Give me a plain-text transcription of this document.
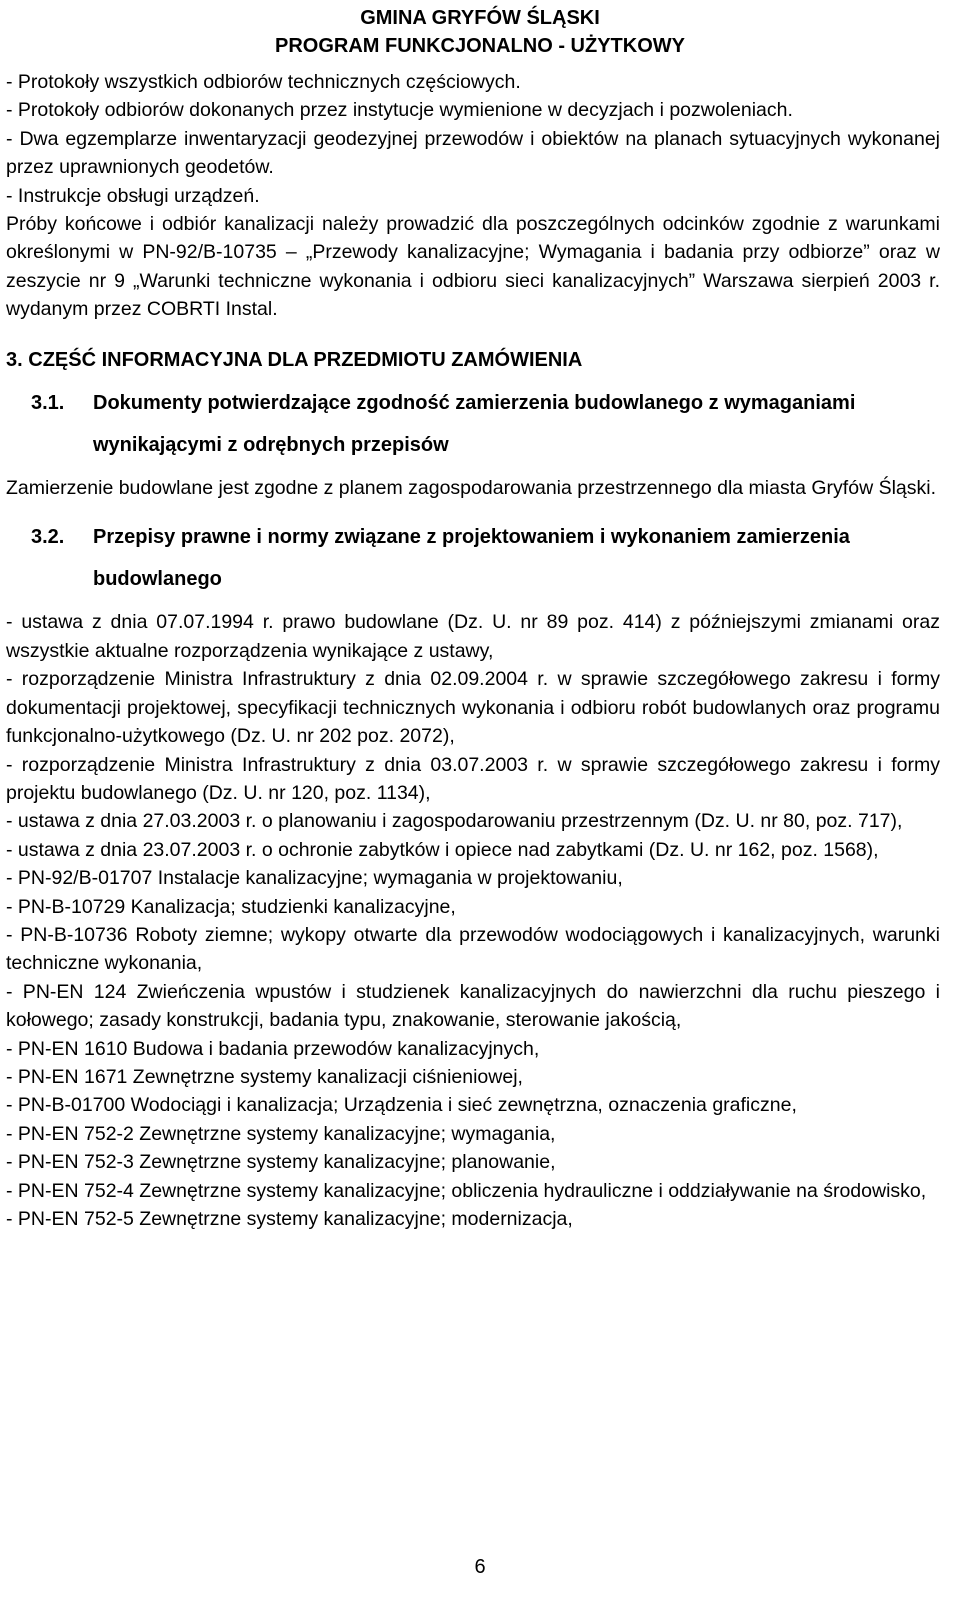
GMINA GRYFÓW ŚLĄSKI
PROGRAM FUNKCJONALNO - UŻYTKOWY

- Protokoły wszystkich odbiorów technicznych częściowych.

- Protokoły odbiorów dokonanych przez instytucje wymienione w decyzjach i pozwoleniach.

- Dwa egzemplarze inwentaryzacji geodezyjnej przewodów i obiektów na planach sytuacyjnych wykonanej przez uprawnionych geodetów.

- Instrukcje obsługi urządzeń.

Próby końcowe i odbiór kanalizacji należy prowadzić dla poszczególnych odcinków zgodnie z warunkami określonymi w PN-92/B-10735 – „Przewody kanalizacyjne; Wymagania i badania przy odbiorze” oraz w zeszycie nr 9 „Warunki techniczne wykonania i odbioru sieci kanalizacyjnych” Warszawa sierpień 2003 r. wydanym przez COBRTI Instal.

3. CZĘŚĆ INFORMACYJNA DLA PRZEDMIOTU ZAMÓWIENIA
3.1. Dokumenty potwierdzające zgodność zamierzenia budowlanego z wymaganiami wynikającymi z odrębnych przepisów

Zamierzenie budowlane jest zgodne z planem zagospodarowania przestrzennego dla miasta Gryfów Śląski.

3.2. Przepisy prawne i normy związane z projektowaniem i wykonaniem zamierzenia budowlanego

- ustawa z dnia 07.07.1994 r. prawo budowlane (Dz. U. nr 89 poz. 414) z późniejszymi zmianami oraz wszystkie aktualne rozporządzenia wynikające z ustawy,

- rozporządzenie Ministra Infrastruktury z dnia 02.09.2004 r. w sprawie szczegółowego zakresu i formy dokumentacji projektowej, specyfikacji technicznych wykonania i odbioru robót budowlanych oraz programu funkcjonalno-użytkowego (Dz. U. nr 202 poz. 2072),

- rozporządzenie Ministra Infrastruktury z dnia 03.07.2003 r. w sprawie szczegółowego zakresu i formy projektu budowlanego (Dz. U. nr 120, poz. 1134),

- ustawa z dnia 27.03.2003 r. o planowaniu i zagospodarowaniu przestrzennym (Dz. U. nr 80, poz. 717),

- ustawa z dnia 23.07.2003 r. o ochronie zabytków i opiece nad zabytkami (Dz. U. nr 162, poz. 1568),

- PN-92/B-01707 Instalacje kanalizacyjne; wymagania w projektowaniu,

- PN-B-10729 Kanalizacja; studzienki kanalizacyjne,

- PN-B-10736 Roboty ziemne; wykopy otwarte dla przewodów wodociągowych i kanalizacyjnych, warunki techniczne wykonania,

- PN-EN 124 Zwieńczenia wpustów i studzienek kanalizacyjnych do nawierzchni dla ruchu pieszego i kołowego; zasady konstrukcji, badania typu, znakowanie, sterowanie jakością,

- PN-EN 1610 Budowa i badania przewodów kanalizacyjnych,

- PN-EN 1671 Zewnętrzne systemy kanalizacji ciśnieniowej,

- PN-B-01700 Wodociągi i kanalizacja; Urządzenia i sieć zewnętrzna, oznaczenia graficzne,

- PN-EN 752-2 Zewnętrzne systemy kanalizacyjne; wymagania,

- PN-EN 752-3 Zewnętrzne systemy kanalizacyjne; planowanie,

- PN-EN 752-4 Zewnętrzne systemy kanalizacyjne; obliczenia hydrauliczne i oddziaływanie na środowisko,

- PN-EN 752-5 Zewnętrzne systemy kanalizacyjne; modernizacja,

6
